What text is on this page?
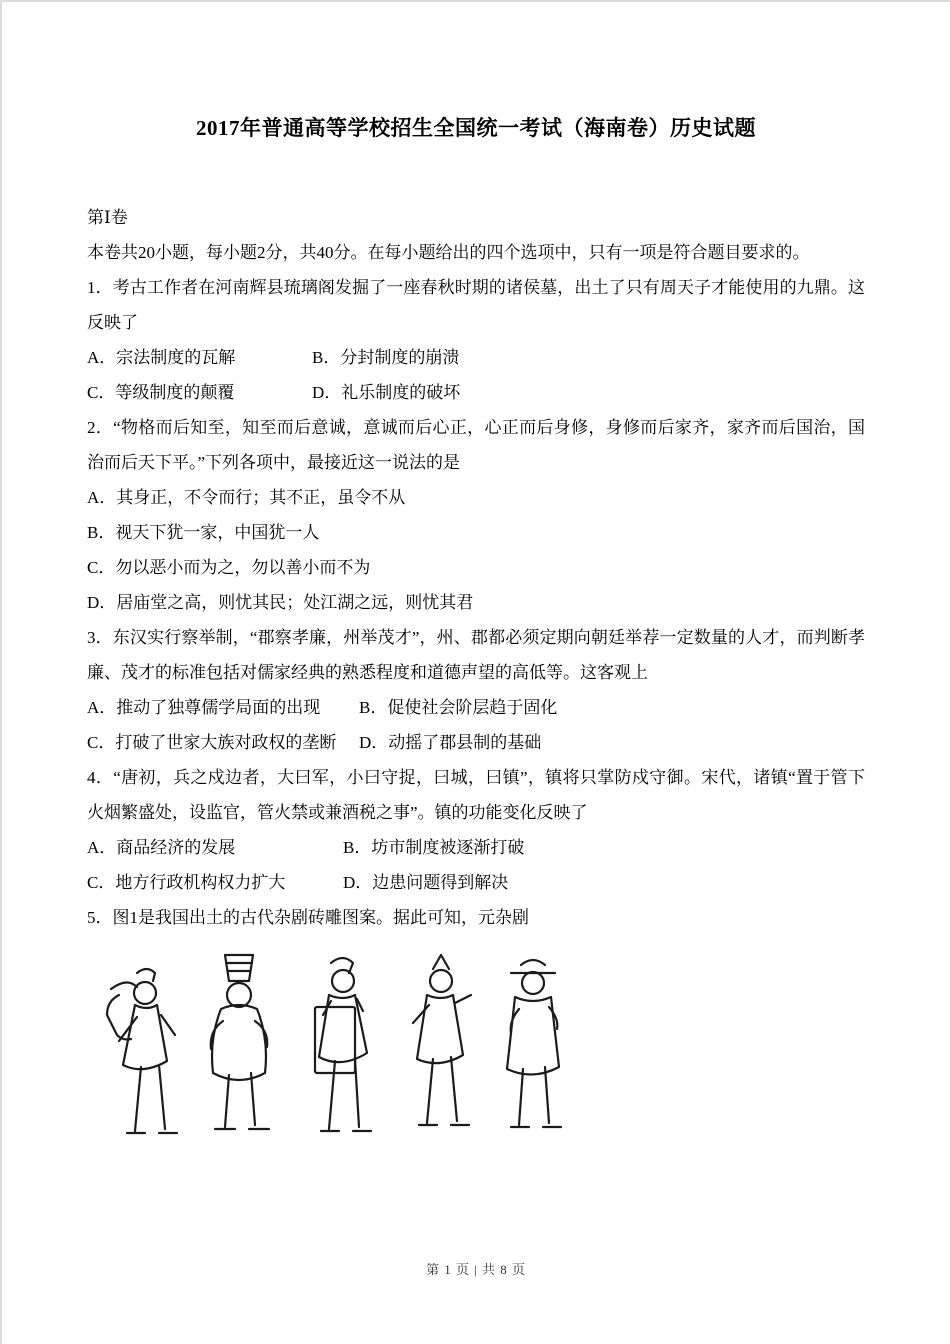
2017年普通高等学校招生全国统一考试（海南卷）历史试题

第Ⅰ卷

本卷共20小题，每小题2分，共40分。在每小题给出的四个选项中，只有一项是符合题目要求的。

1．考古工作者在河南辉县琉璃阁发掘了一座春秋时期的诸侯墓，出土了只有周天子才能使用的九鼎。这反映了

A．宗法制度的瓦解	B．分封制度的崩溃
C．等级制度的颠覆	D．礼乐制度的破坏

2．“物格而后知至，知至而后意诚，意诚而后心正，心正而后身修，身修而后家齐，家齐而后国治，国治而后天下平。”下列各项中，最接近这一说法的是

A．其身正，不令而行；其不正，虽令不从

B．视天下犹一家，中国犹一人

C．勿以恶小而为之，勿以善小而不为

D．居庙堂之高，则忧其民；处江湖之远，则忧其君

3．东汉实行察举制，“郡察孝廉，州举茂才”，州、郡都必须定期向朝廷举荐一定数量的人才，而判断孝廉、茂才的标准包括对儒家经典的熟悉程度和道德声望的高低等。这客观上

A．推动了独尊儒学局面的出现	B．促使社会阶层趋于固化
C．打破了世家大族对政权的垄断	D．动摇了郡县制的基础

4．“唐初，兵之戍边者，大曰军，小曰守捉，曰城，曰镇”，镇将只掌防戍守御。宋代，诸镇“置于管下火烟繁盛处，设监官，管火禁或兼酒税之事”。镇的功能变化反映了

A．商品经济的发展	B．坊市制度被逐渐打破
C．地方行政机构权力扩大	D．边患问题得到解决

5．图1是我国出土的古代杂剧砖雕图案。据此可知，元杂剧

第 1 页 | 共 8 页
